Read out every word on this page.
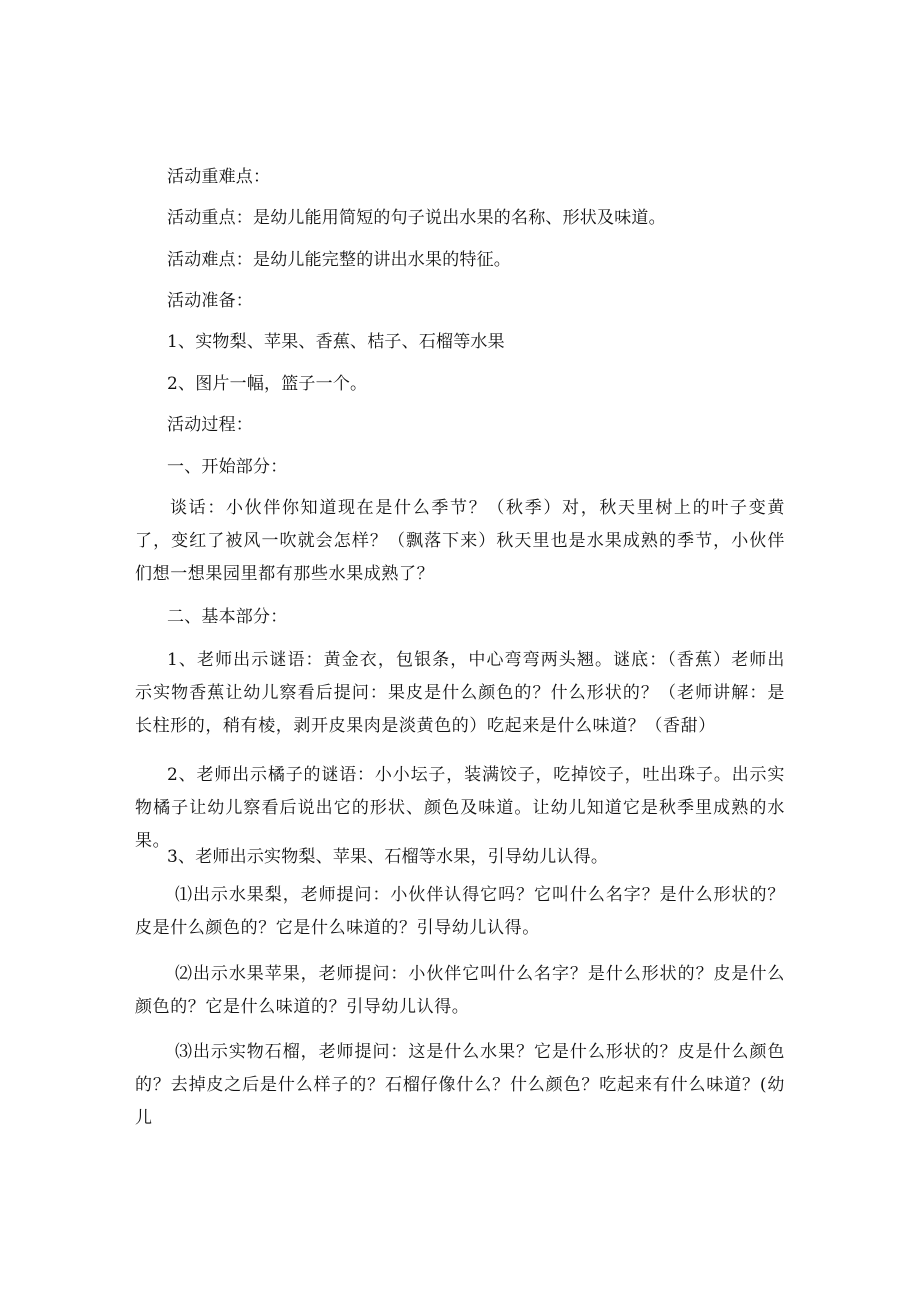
活动重难点：
活动重点：是幼儿能用简短的句子说出水果的名称、形状及味道。
活动难点：是幼儿能完整的讲出水果的特征。
活动准备：
1、实物梨、苹果、香蕉、桔子、石榴等水果
2、图片一幅，篮子一个。
活动过程：
一、开始部分：
谈话：小伙伴你知道现在是什么季节？（秋季）对，秋天里树上的叶子变黄了，变红了被风一吹就会怎样？（飘落下来）秋天里也是水果成熟的季节，小伙伴们想一想果园里都有那些水果成熟了？
二、基本部分：
1、老师出示谜语：黄金衣，包银条，中心弯弯两头翘。谜底：（香蕉）老师出示实物香蕉让幼儿察看后提问：果皮是什么颜色的？什么形状的？（老师讲解：是长柱形的，稍有棱，剥开皮果肉是淡黄色的）吃起来是什么味道？（香甜）
2、老师出示橘子的谜语：小小坛子，装满饺子，吃掉饺子，吐出珠子。出示实物橘子让幼儿察看后说出它的形状、颜色及味道。让幼儿知道它是秋季里成熟的水果。
3、老师出示实物梨、苹果、石榴等水果，引导幼儿认得。
⑴出示水果梨，老师提问：小伙伴认得它吗？它叫什么名字？是什么形状的？皮是什么颜色的？它是什么味道的？引导幼儿认得。
⑵出示水果苹果，老师提问：小伙伴它叫什么名字？是什么形状的？皮是什么颜色的？它是什么味道的？引导幼儿认得。
⑶出示实物石榴，老师提问：这是什么水果？它是什么形状的？皮是什么颜色的？去掉皮之后是什么样子的？石榴仔像什么？什么颜色？吃起来有什么味道？(幼儿
